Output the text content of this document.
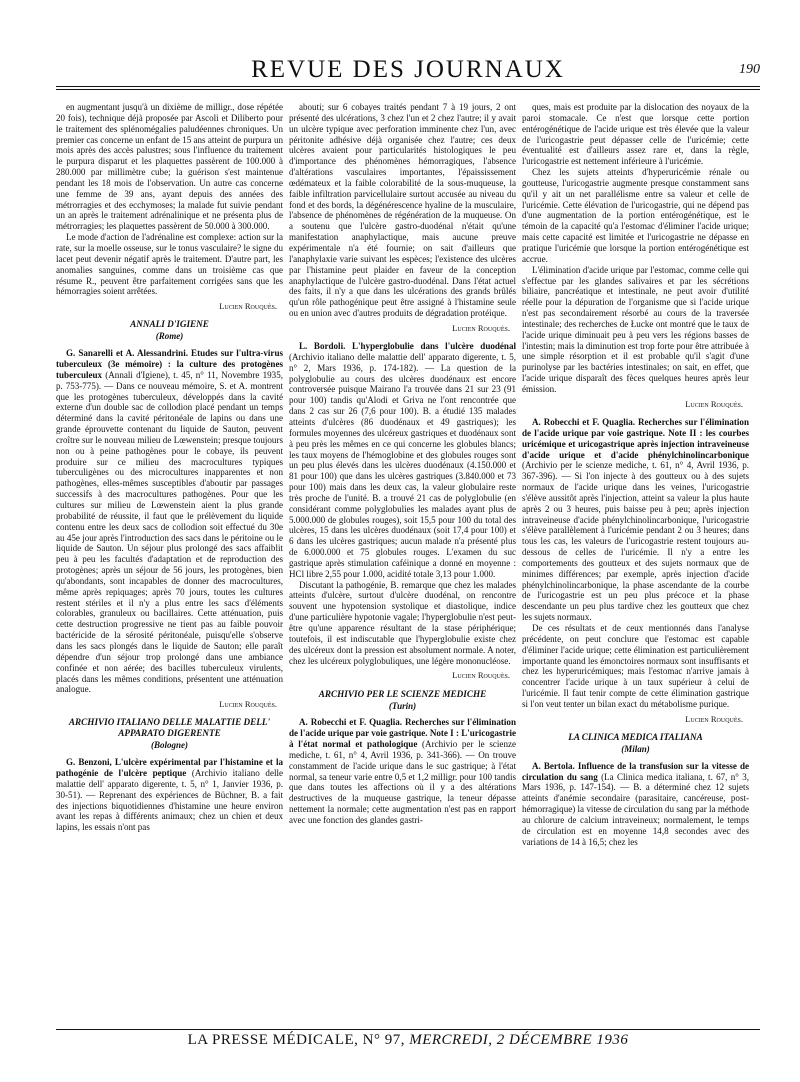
REVUE DES JOURNAUX	190

en augmentant jusqu'à un dixième de milligr., dose répétée 20 fois), technique déjà proposée par Ascoli et Diliberto pour le traitement des splénomégalies paludéennes chroniques. Un premier cas concerne un enfant de 15 ans atteint de purpura un mois après des accès palustres; sous l'influence du traitement le purpura disparut et les plaquettes passèrent de 100.000 à 280.000 par millimètre cube; la guérison s'est maintenue pendant les 18 mois de l'observation. Un autre cas concerne une femme de 39 ans, ayant depuis des années des métrorragies et des ecchymoses; la malade fut suivie pendant un an après le traitement adrénalinique et ne présenta plus de métrorragies; les plaquettes passèrent de 50.000 à 300.000.

Le mode d'action de l'adrénaline est complexe: action sur la rate, sur la moelle osseuse, sur le tonus vasculaire? le signe du lacet peut devenir négatif après le traitement. D'autre part, les anomalies sanguines, comme dans un troisième cas que résume R., peuvent être parfaitement corrigées sans que les hémorragies soient arrêtées.

Lucien Rouquès.
ANNALI D'IGIENE
(Rome)

G. Sanarelli et A. Alessandrini. Etudes sur l'ultra-virus tuberculeux (3e mémoire) : la culture des protogènes tuberculeux (Annali d'Igiene), t. 45, n° 11, Novembre 1935, p. 753-775). — Dans ce nouveau mémoire, S. et A. montrent que les protogènes tuberculeux, développés dans la cavité externe d'un double sac de collodion placé pendant un temps déterminé dans la cavité péritonéale de lapins ou dans une grande éprouvette contenant du liquide de Sauton, peuvent croître sur le nouveau milieu de Lœwenstein; presque toujours non ou à peine pathogènes pour le cobaye, ils peuvent produire sur ce milieu des macrocultures typiques tuberculigènes ou des microcultures inapparentes et non pathogènes, elles-mêmes susceptibles d'aboutir par passages successifs à des macrocultures pathogènes. Pour que les cultures sur milieu de Lœwenstein aient la plus grande probabilité de réussite, il faut que le prélèvement du liquide contenu entre les deux sacs de collodion soit effectué du 30e au 45e jour après l'introduction des sacs dans le péritoine ou le liquide de Sauton. Un séjour plus prolongé des sacs affaiblit peu à peu les facultés d'adaptation et de reproduction des protogènes; après un séjour de 56 jours, les protogènes, bien qu'abondants, sont incapables de donner des macrocultures, même après repiquages; après 70 jours, toutes les cultures restent stériles et il n'y a plus entre les sacs d'éléments colorables, granuleux ou bacillaires. Cette atténuation, puis cette destruction progressive ne tient pas au faible pouvoir bactéricide de la sérosité péritonéale, puisqu'elle s'observe dans les sacs plongés dans le liquide de Sauton; elle paraît dépendre d'un séjour trop prolongé dans une ambiance confinée et non aérée; des bacilles tuberculeux virulents, placés dans les mêmes conditions, présentent une atténuation analogue.

Lucien Rouquès.
ARCHIVIO ITALIANO DELLE MALATTIE DELL' APPARATO DIGERENTE
(Bologne)

G. Benzoni, L'ulcère expérimental par l'histamine et la pathogénie de l'ulcère peptique (Archivio italiano delle malattie dell' apparato digerente, t. 5, n° 1, Janvier 1936, p. 30-51). — Reprenant des expériences de Büchner, B. a fait des injections biquotidiennes d'histamine une heure environ avant les repas à différents animaux; chez un chien et deux lapins, les essais n'ont pas

abouti; sur 6 cobayes traités pendant 7 à 19 jours, 2 ont présenté des ulcérations, 3 chez l'un et 2 chez l'autre; il y avait un ulcère typique avec perforation imminente chez l'un, avec péritonite adhésive déjà organisée chez l'autre; ces deux ulcères avaient pour particularités histologiques le peu d'importance des phénomènes hémorragiques, l'absence d'altérations vasculaires importantes, l'épaississement œdémateux et la faible colorabilité de la sous-muqueuse, la faible infiltration parvicellulaire surtout accusée au niveau du fond et des bords, la dégénérescence hyaline de la musculaire, l'absence de phénomènes de régénération de la muqueuse. On a soutenu que l'ulcère gastro-duodénal n'était qu'une manifestation anaphylactique, mais aucune preuve expérimentale n'a été fournie; on sait d'ailleurs que l'anaphylaxie varie suivant les espèces; l'existence des ulcères par l'histamine peut plaider en faveur de la conception anaphylactique de l'ulcère gastro-duodénal. Dans l'état actuel des faits, il n'y a que dans les ulcérations des grands brûlés qu'un rôle pathogénique peut être assigné à l'histamine seule ou en union avec d'autres produits de dégradation protéique.

Lucien Rouquès.

L. Bordoli. L'hyperglobulie dans l'ulcère duodénal (Archivio italiano delle malattie dell' apparato digerente, t. 5, n° 2, Mars 1936, p. 174-182). — La question de la polyglobulie au cours des ulcères duodénaux est encore controversée puisque Mairano l'a trouvée dans 21 sur 23 (91 pour 100) tandis qu'Alodi et Griva ne l'ont rencontrée que dans 2 cas sur 26 (7,6 pour 100). B. a étudié 135 malades atteints d'ulcères (86 duodénaux et 49 gastriques); les formules moyennes des ulcéreux gastriques et duodénaux sont à peu près les mêmes en ce qui concerne les globules blancs; les taux moyens de l'hémoglobine et des globules rouges sont un peu plus élevés dans les ulcères duodénaux (4.150.000 et 81 pour 100) que dans les ulcères gastriques (3.840.000 et 73 pour 100) mais dans les deux cas, la valeur globulaire reste très proche de l'unité. B. a trouvé 21 cas de polyglobulie (en considérant comme polyglobulies les malades ayant plus de 5.000.000 de globules rouges), soit 15,5 pour 100 du total des ulcères, 15 dans les ulcères duodénaux (soit 17,4 pour 100) et 6 dans les ulcères gastriques; aucun malade n'a présenté plus de 6.000.000 et 75 globules rouges. L'examen du suc gastrique après stimulation caféinique a donné en moyenne : HCl libre 2,55 pour 1.000, acidité totale 3,13 pour 1.000.

Discutant la pathogénie, B. remarque que chez les malades atteints d'ulcère, surtout d'ulcère duodénal, on rencontre souvent une hypotension systolique et diastolique, indice d'une particulière hypotonie vagale; l'hyperglobulie n'est peut-être qu'une apparence résultant de la stase périphérique; toutefois, il est indiscutable que l'hyperglobulie existe chez des ulcéreux dont la pression est absolument normale. A noter, chez les ulcéreux polyglobuliques, une légère mononucléose.

Lucien Rouquès.
ARCHIVIO PER LE SCIENZE MEDICHE
(Turin)

A. Robecchi et F. Quaglia. Recherches sur l'élimination de l'acide urique par voie gastrique. Note I : L'uricogastrie à l'état normal et pathologique (Archivio per le scienze mediche, t. 61, n° 4, Avril 1936, p. 341-366). — On trouve constamment de l'acide urique dans le suc gastrique; à l'état normal, sa teneur varie entre 0,5 et 1,2 milligr. pour 100 tandis que dans toutes les affections où il y a des altérations destructives de la muqueuse gastrique, la teneur dépasse nettement la normale; cette augmentation n'est pas en rapport avec une fonction des glandes gastri-

ques, mais est produite par la dislocation des noyaux de la paroi stomacale. Ce n'est que lorsque cette portion entérogénétique de l'acide urique est très élevée que la valeur de l'uricogastrie peut dépasser celle de l'uricémie; cette éventualité est d'ailleurs assez rare et, dans la règle, l'uricogastrie est nettement inférieure à l'uricémie.

Chez les sujets atteints d'hyperuricémie rénale ou goutteuse, l'uricogastrie augmente presque constamment sans qu'il y ait un net parallélisme entre sa valeur et celle de l'uricémie. Cette élévation de l'uricogastrie, qui ne dépend pas d'une augmentation de la portion entérogénétique, est le témoin de la capacité qu'a l'estomac d'éliminer l'acide urique; mais cette capacité est limitée et l'uricogastrie ne dépasse en pratique l'uricémie que lorsque la portion entérogénétique est accrue.

L'élimination d'acide urique par l'estomac, comme celle qui s'effectue par les glandes salivaires et par les sécrétions biliaire, pancréatique et intestinale, ne peut avoir d'utilité réelle pour la dépuration de l'organisme que si l'acide urique n'est pas secondairement résorbé au cours de la traversée intestinale; des recherches de Łucke ont montré que le taux de l'acide urique diminuait peu à peu vers les régions basses de l'intestin; mais la diminution est trop forte pour être attribuée à une simple résorption et il est probable qu'il s'agit d'une purinolyse par les bactéries intestinales; on sait, en effet, que l'acide urique disparaît des fèces quelques heures après leur émission.

Lucien Rouquès.

A. Robecchi et F. Quaglia. Recherches sur l'élimination de l'acide urique par voie gastrique. Note II : les courbes uricémique et uricogastrique après injection intraveineuse d'acide urique et d'acide phénylchinolincarbonique (Archivio per le scienze mediche, t. 61, n° 4, Avril 1936, p. 367-396). — Si l'on injecte à des goutteux ou à des sujets normaux de l'acide urique dans les veines, l'uricogastrie s'élève aussitôt après l'injection, atteint sa valeur la plus haute après 2 ou 3 heures, puis baisse peu à peu; après injection intraveineuse d'acide phénylchinolincarbonique, l'uricogastrie s'élève parallèlement à l'uricémie pendant 2 ou 3 heures; dans tous les cas, les valeurs de l'uricogastrie restent toujours au-dessous de celles de l'uricémie. Il n'y a entre les comportements des goutteux et des sujets normaux que de minimes différences; par exemple, après injection d'acide phénylchinolincarbonique, la phase ascendante de la courbe de l'uricogastrie est un peu plus précoce et la phase descendante un peu plus tardive chez les goutteux que chez les sujets normaux.

De ces résultats et de ceux mentionnés dans l'analyse précédente, on peut conclure que l'estomac est capable d'éliminer l'acide urique; cette élimination est particulièrement importante quand les émonctoires normaux sont insuffisants et chez les hyperuricémiques; mais l'estomac n'arrive jamais à concentrer l'acide urique à un taux supérieur à celui de l'uricémie. Il faut tenir compte de cette élimination gastrique si l'on veut tenter un bilan exact du métabolisme purique.

Lucien Rouquès.
LA CLINICA MEDICA ITALIANA
(Milan)

A. Bertola. Influence de la transfusion sur la vitesse de circulation du sang (La Clinica medica italiana, t. 67, n° 3, Mars 1936, p. 147-154). — B. a déterminé chez 12 sujets atteints d'anémie secondaire (parasitaire, cancéreuse, post-hémorragique) la vitesse de circulation du sang par la méthode au chlorure de calcium intraveineux; normalement, le temps de circulation est en moyenne 14,8 secondes avec des variations de 14 à 16,5; chez les

LA PRESSE MÉDICALE, N° 97, MERCREDI, 2 DÉCEMBRE 1936
